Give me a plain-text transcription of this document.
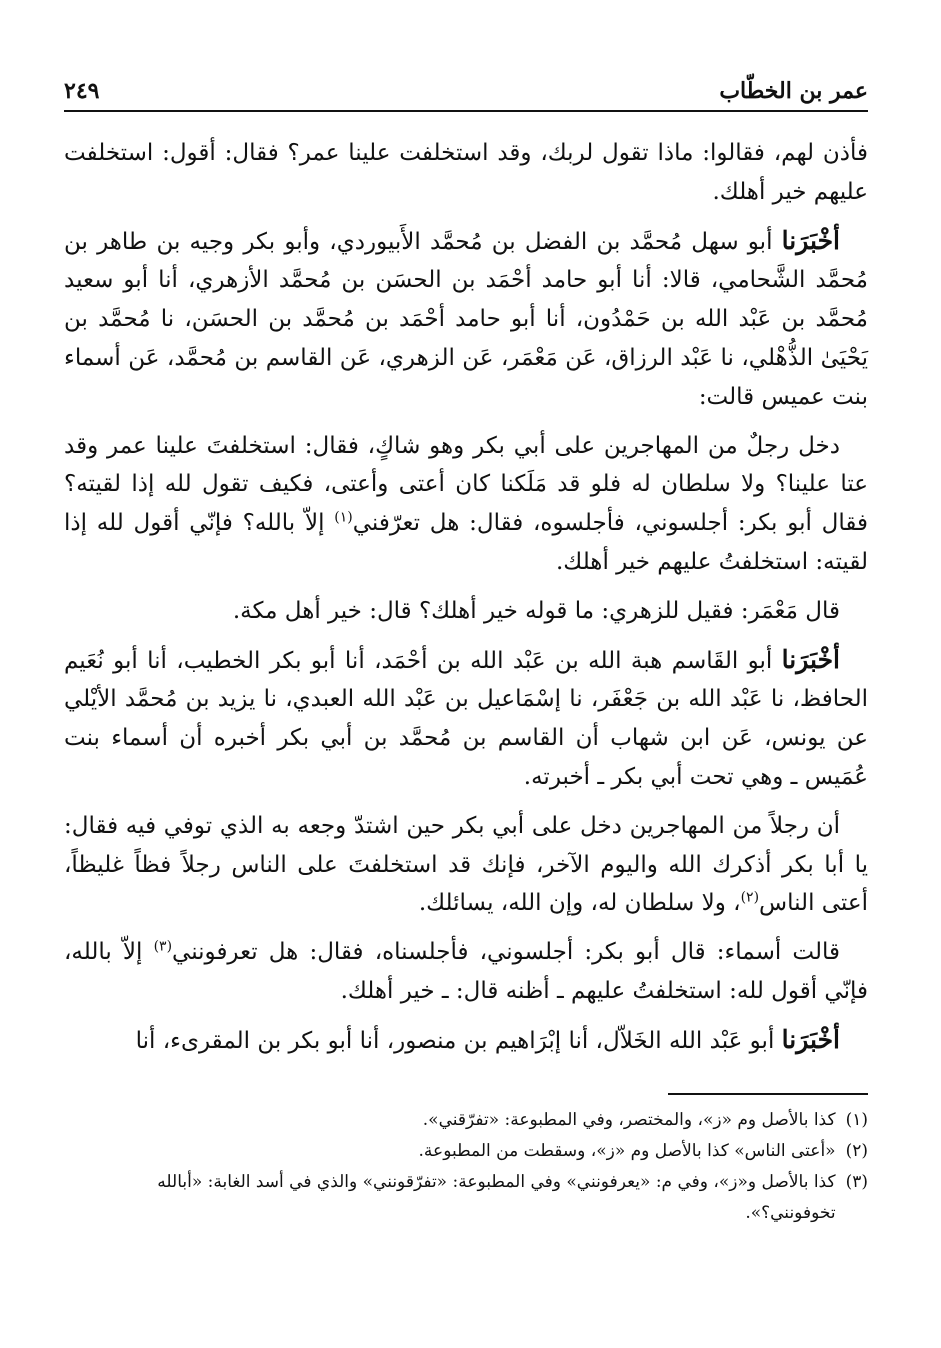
عمر بن الخطّاب
٢٤٩

فأذن لهم، فقالوا: ماذا تقول لربك، وقد استخلفت علينا عمر؟ فقال: أقول: استخلفت عليهم خير أهلك.

أخْبَرَنا أبو سهل مُحمَّد بن الفضل بن مُحمَّد الأَبيوردي، وأبو بكر وجيه بن طاهر بن مُحمَّد الشَّحامي، قالا: أنا أبو حامد أحْمَد بن الحسَن بن مُحمَّد الأزهري، أنا أبو سعيد مُحمَّد بن عَبْد الله بن حَمْدُون، أنا أبو حامد أحْمَد بن مُحمَّد بن الحسَن، نا مُحمَّد بن يَحْيَىٰ الذُّهْلي، نا عَبْد الرزاق، عَن مَعْمَر، عَن الزهري، عَن القاسم بن مُحمَّد، عَن أسماء بنت عميس قالت:

دخل رجلٌ من المهاجرين على أبي بكر وهو شاكٍ، فقال: استخلفتَ علينا عمر وقد عتا علينا؟ ولا سلطان له فلو قد مَلَكنا كان أعتى وأعتى، فكيف تقول لله إذا لقيته؟ فقال أبو بكر: أجلسوني، فأجلسوه، فقال: هل تعرّفني$^{(١)}$ إلاّ بالله؟ فإنّي أقول لله إذا لقيته: استخلفتُ عليهم خير أهلك.

قال مَعْمَر: فقيل للزهري: ما قوله خير أهلك؟ قال: خير أهل مكة.

أخْبَرَنا أبو القَاسم هبة الله بن عَبْد الله بن أحْمَد، أنا أبو بكر الخطيب، أنا أبو نُعَيم الحافظ، نا عَبْد الله بن جَعْفَر، نا إسْمَاعيل بن عَبْد الله العبدي، نا يزيد بن مُحمَّد الأيْلي عن يونس، عَن ابن شهاب أن القاسم بن مُحمَّد بن أبي بكر أخبره أن أسماء بنت عُمَيس ـ وهي تحت أبي بكر ـ أخبرته.

أن رجلاً من المهاجرين دخل على أبي بكر حين اشتدّ وجعه به الذي توفي فيه فقال: يا أبا بكر أذكرك الله واليوم الآخر، فإنك قد استخلفتَ على الناس رجلاً فظاً غليظاً، أعتى الناس$^{(٢)}$، ولا سلطان له، وإن الله، يسائلك.

قالت أسماء: قال أبو بكر: أجلسوني، فأجلسناه، فقال: هل تعرفونني$^{(٣)}$ إلاّ بالله، فإنّي أقول لله: استخلفتُ عليهم ـ أظنه قال: ـ خير أهلك.

أخْبَرَنا أبو عَبْد الله الخَلاّل، أنا إبْرَاهيم بن منصور، أنا أبو بكر بن المقرىء، أنا

(١)
كذا بالأصل وم «ز»، والمختصر، وفي المطبوعة: «تفرّقني».
(٢)
«أعتى الناس» كذا بالأصل وم «ز»، وسقطت من المطبوعة.
(٣)
كذا بالأصل و«ز»، وفي م: «يعرفونني» وفي المطبوعة: «تفرّقونني» والذي في أسد الغابة: «أبالله تخوفونني؟».
